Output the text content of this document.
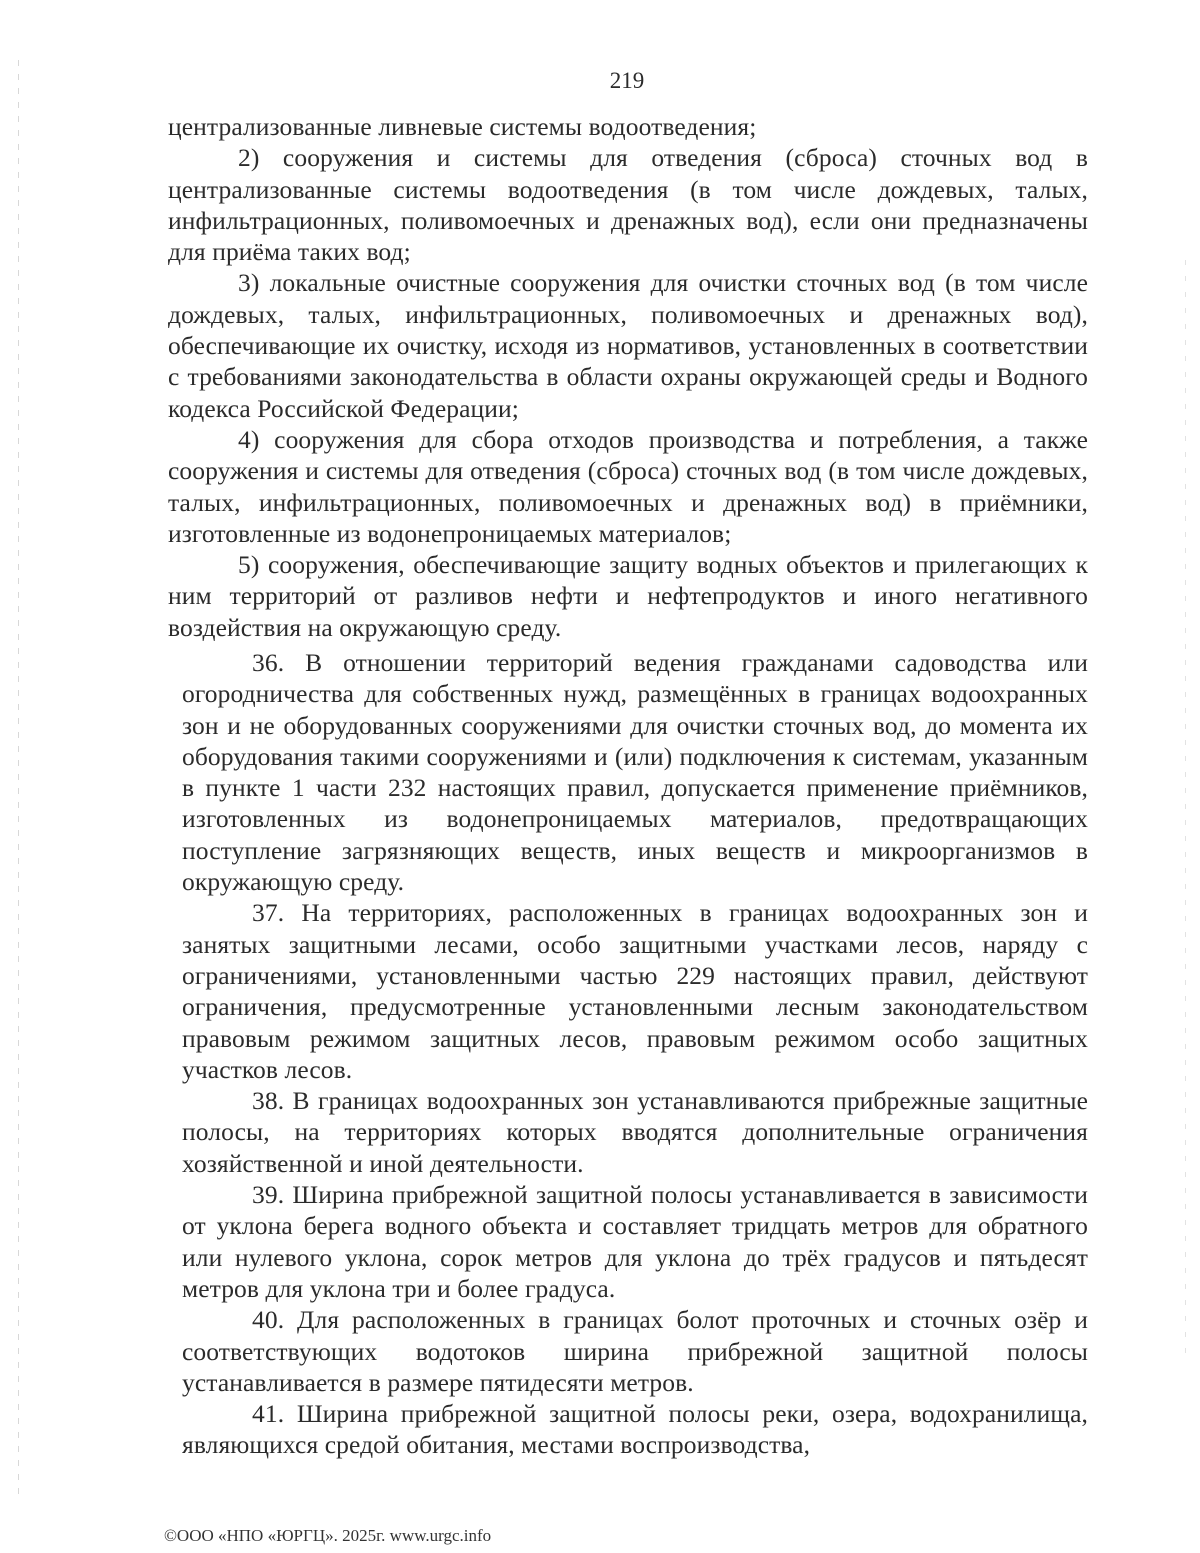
219

централизованные ливневые системы водоотведения;

2) сооружения и системы для отведения (сброса) сточных вод в централизованные системы водоотведения (в том числе дождевых, талых, инфильтрационных, поливомоечных и дренажных вод), если они предназначены для приёма таких вод;

3) локальные очистные сооружения для очистки сточных вод (в том числе дождевых, талых, инфильтрационных, поливомоечных и дренажных вод), обеспечивающие их очистку, исходя из нормативов, установленных в соответствии с требованиями законодательства в области охраны окружающей среды и Водного кодекса Российской Федерации;

4) сооружения для сбора отходов производства и потребления, а также сооружения и системы для отведения (сброса) сточных вод (в том числе дождевых, талых, инфильтрационных, поливомоечных и дренажных вод) в приёмники, изготовленные из водонепроницаемых материалов;

5) сооружения, обеспечивающие защиту водных объектов и прилегающих к ним территорий от разливов нефти и нефтепродуктов и иного негативного воздействия на окружающую среду.

36. В отношении территорий ведения гражданами садоводства или огородничества для собственных нужд, размещённых в границах водоохранных зон и не оборудованных сооружениями для очистки сточных вод, до момента их оборудования такими сооружениями и (или) подключения к системам, указанным в пункте 1 части 232 настоящих правил, допускается применение приёмников, изготовленных из водонепроницаемых материалов, предотвращающих поступление загрязняющих веществ, иных веществ и микроорганизмов в окружающую среду.

37. На территориях, расположенных в границах водоохранных зон и занятых защитными лесами, особо защитными участками лесов, наряду с ограничениями, установленными частью 229 настоящих правил, действуют ограничения, предусмотренные установленными лесным законодательством правовым режимом защитных лесов, правовым режимом особо защитных участков лесов.

38. В границах водоохранных зон устанавливаются прибрежные защитные полосы, на территориях которых вводятся дополнительные ограничения хозяйственной и иной деятельности.

39. Ширина прибрежной защитной полосы устанавливается в зависимости от уклона берега водного объекта и составляет тридцать метров для обратного или нулевого уклона, сорок метров для уклона до трёх градусов и пятьдесят метров для уклона три и более градуса.

40. Для расположенных в границах болот проточных и сточных озёр и соответствующих водотоков ширина прибрежной защитной полосы устанавливается в размере пятидесяти метров.

41. Ширина прибрежной защитной полосы реки, озера, водохранилища, являющихся средой обитания, местами воспроизводства,

©ООО «НПО «ЮРГЦ». 2025г. www.urgc.info
